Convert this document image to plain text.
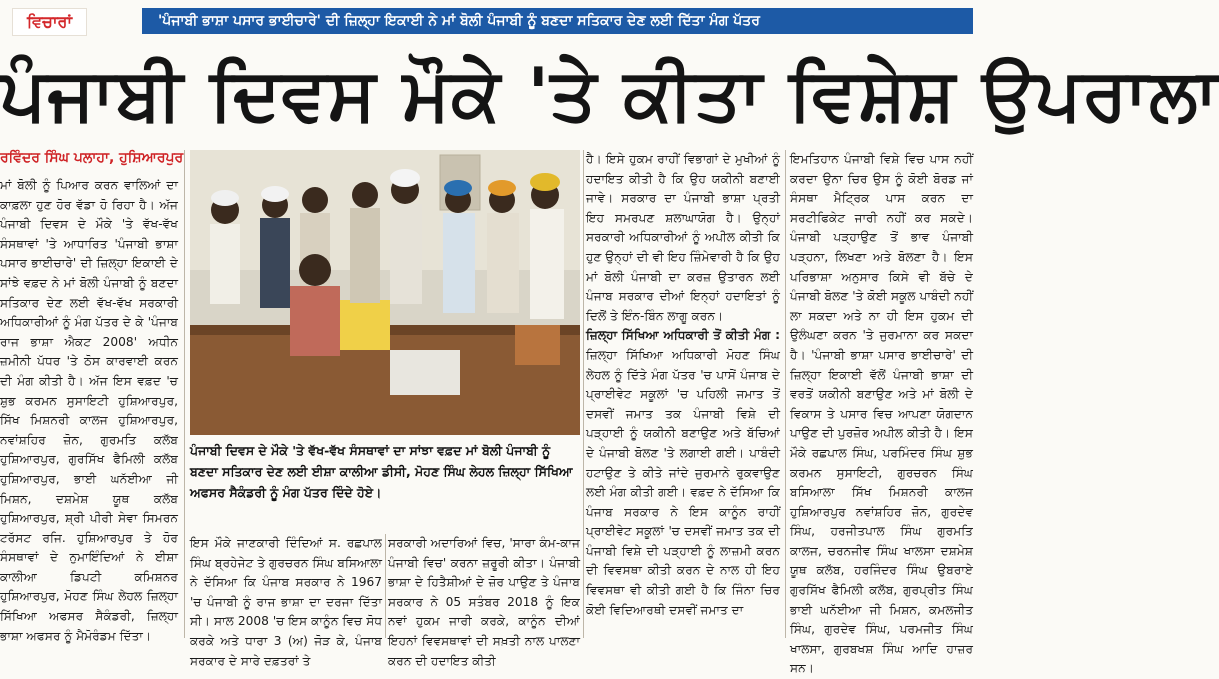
ਵਿਚਾਰਾਂ	'ਪੰਜਾਬੀ ਭਾਸ਼ਾ ਪਸਾਰ ਭਾਈਚਾਰੇ' ਦੀ ਜ਼ਿਲ੍ਹਾ ਇਕਾਈ ਨੇ ਮਾਂ ਬੋਲੀ ਪੰਜਾਬੀ ਨੂੰ ਬਣਦਾ ਸਤਿਕਾਰ ਦੇਣ ਲਈ ਦਿੱਤਾ ਮੰਗ ਪੱਤਰ
ਪੰਜਾਬੀ ਦਿਵਸ ਮੌਕੇ 'ਤੇ ਕੀਤਾ ਵਿਸ਼ੇਸ਼ ਉਪਰਾਲਾ
ਰਵਿੰਦਰ ਸਿੰਘ ਪਲਾਹਾ, ਹੁਸ਼ਿਆਰਪੁਰ

ਮਾਂ ਬੋਲੀ ਨੂੰ ਪਿਆਰ ਕਰਨ ਵਾਲਿਆਂ ਦਾ ਕਾਫ਼ਲਾ ਹੁਣ ਹੋਰ ਵੱਡਾ ਹੋ ਰਿਹਾ ਹੈ। ਅੱਜ ਪੰਜਾਬੀ ਦਿਵਸ ਦੇ ਮੌਕੇ 'ਤੇ ਵੱਖ-ਵੱਖ ਸੰਸਥਾਵਾਂ 'ਤੇ ਆਧਾਰਿਤ 'ਪੰਜਾਬੀ ਭਾਸ਼ਾ ਪਸਾਰ ਭਾਈਚਾਰੇ' ਦੀ ਜ਼ਿਲ੍ਹਾ ਇਕਾਈ ਦੇ ਸਾਂਝੇ ਵਫ਼ਦ ਨੇ ਮਾਂ ਬੋਲੀ ਪੰਜਾਬੀ ਨੂੰ ਬਣਦਾ ਸਤਿਕਾਰ ਦੇਣ ਲਈ ਵੱਖ-ਵੱਖ ਸਰਕਾਰੀ ਅਧਿਕਾਰੀਆਂ ਨੂੰ ਮੰਗ ਪੱਤਰ ਦੇ ਕੇ 'ਪੰਜਾਬ ਰਾਜ ਭਾਸ਼ਾ ਐਕਟ 2008' ਅਧੀਨ ਜ਼ਮੀਨੀ ਪੱਧਰ 'ਤੇ ਠੋਸ ਕਾਰਵਾਈ ਕਰਨ ਦੀ ਮੰਗ ਕੀਤੀ ਹੈ। ਅੱਜ ਇਸ ਵਫ਼ਦ 'ਚ ਸ਼ੁਭ ਕਰਮਨ ਸੁਸਾਇਟੀ ਹੁਸ਼ਿਆਰਪੁਰ, ਸਿੱਖ ਮਿਸ਼ਨਰੀ ਕਾਲਜ ਹੁਸ਼ਿਆਰਪੁਰ, ਨਵਾਂਸ਼ਹਿਰ ਜ਼ੋਨ, ਗੁਰਮਤਿ ਕਲੱਬ ਹੁਸ਼ਿਆਰਪੁਰ, ਗੁਰਸਿੱਖ ਫੈਮਿਲੀ ਕਲੱਬ ਹੁਸ਼ਿਆਰਪੁਰ, ਭਾਈ ਘਨੱਈਆ ਜੀ ਮਿਸ਼ਨ, ਦਸ਼ਮੇਸ਼ ਯੂਥ ਕਲੱਬ ਹੁਸ਼ਿਆਰਪੁਰ, ਸ਼੍ਰੀ ਪੀਰੀ ਸੇਵਾ ਸਿਮਰਨ ਟਰੱਸਟ ਰਜਿ. ਹੁਸ਼ਿਆਰਪੁਰ ਤੇ ਹੋਰ ਸੰਸਥਾਵਾਂ ਦੇ ਨੁਮਾਇੰਦਿਆਂ ਨੇ ਈਸ਼ਾ ਕਾਲੀਆ ਡਿਪਟੀ ਕਮਿਸ਼ਨਰ ਹੁਸ਼ਿਆਰਪੁਰ, ਮੋਹਣ ਸਿੰਘ ਲੇਹਲ ਜ਼ਿਲ੍ਹਾ ਸਿੱਖਿਆ ਅਫਸਰ ਸੈਕੰਡਰੀ, ਜ਼ਿਲ੍ਹਾ ਭਾਸ਼ਾ ਅਫਸਰ ਨੂੰ ਮੈਮੋਰੰਡਮ ਦਿੱਤਾ।

ਪੰਜਾਬੀ ਦਿਵਸ ਦੇ ਮੌਕੇ 'ਤੇ ਵੱਖ-ਵੱਖ ਸੰਸਥਾਵਾਂ ਦਾ ਸਾਂਝਾ ਵਫ਼ਦ ਮਾਂ ਬੋਲੀ ਪੰਜਾਬੀ ਨੂੰ ਬਣਦਾ ਸਤਿਕਾਰ ਦੇਣ ਲਈ ਈਸ਼ਾ ਕਾਲੀਆ ਡੀਸੀ, ਮੋਹਣ ਸਿੰਘ ਲੇਹਲ ਜ਼ਿਲ੍ਹਾ ਸਿੱਖਿਆ ਅਫਸਰ ਸੈਕੰਡਰੀ ਨੂੰ ਮੰਗ ਪੱਤਰ ਦਿੰਦੇ ਹੋਏ।

ਇਸ ਮੌਕੇ ਜਾਣਕਾਰੀ ਦਿੰਦਿਆਂ ਸ. ਰਛਪਾਲ ਸਿੰਘ ਬ੍ਰਹੇਜੇਟ ਤੇ ਗੁਰਚਰਨ ਸਿੰਘ ਬਸਿਆਲਾ ਨੇ ਦੱਸਿਆ ਕਿ ਪੰਜਾਬ ਸਰਕਾਰ ਨੇ 1967 'ਚ ਪੰਜਾਬੀ ਨੂੰ ਰਾਜ ਭਾਸ਼ਾ ਦਾ ਦਰਜਾ ਦਿੱਤਾ ਸੀ। ਸਾਲ 2008 'ਚ ਇਸ ਕਾਨੂੰਨ ਵਿਚ ਸੋਧ ਕਰਕੇ ਅਤੇ ਧਾਰਾ 3 (ਅ) ਜੋੜ ਕੇ, ਪੰਜਾਬ ਸਰਕਾਰ ਦੇ ਸਾਰੇ ਦਫ਼ਤਰਾਂ ਤੇ

ਸਰਕਾਰੀ ਅਦਾਰਿਆਂ ਵਿਚ, 'ਸਾਰਾ ਕੰਮ-ਕਾਜ ਪੰਜਾਬੀ ਵਿਚ' ਕਰਨਾ ਜ਼ਰੂਰੀ ਕੀਤਾ। ਪੰਜਾਬੀ ਭਾਸ਼ਾ ਦੇ ਹਿਤੈਸ਼ੀਆਂ ਦੇ ਜ਼ੋਰ ਪਾਉਣ ਤੇ ਪੰਜਾਬ ਸਰਕਾਰ ਨੇ 05 ਸਤੰਬਰ 2018 ਨੂੰ ਇਕ ਨਵਾਂ ਹੁਕਮ ਜਾਰੀ ਕਰਕੇ, ਕਾਨੂੰਨ ਦੀਆਂ ਇਹਨਾਂ ਵਿਵਸਥਾਵਾਂ ਦੀ ਸਖ਼ਤੀ ਨਾਲ ਪਾਲਣਾ ਕਰਨ ਦੀ ਹਦਾਇਤ ਕੀਤੀ

ਹੈ। ਇਸੇ ਹੁਕਮ ਰਾਹੀਂ ਵਿਭਾਗਾਂ ਦੇ ਮੁਖੀਆਂ ਨੂੰ ਹਦਾਇਤ ਕੀਤੀ ਹੈ ਕਿ ਉਹ ਯਕੀਨੀ ਬਣਾਈ ਜਾਵੇ। ਸਰਕਾਰ ਦਾ ਪੰਜਾਬੀ ਭਾਸ਼ਾ ਪ੍ਰਤੀ ਇਹ ਸਮਰਪਣ ਸ਼ਲਾਘਾਯੋਗ ਹੈ। ਉਨ੍ਹਾਂ ਸਰਕਾਰੀ ਅਧਿਕਾਰੀਆਂ ਨੂੰ ਅਪੀਲ ਕੀਤੀ ਕਿ ਹੁਣ ਉਨ੍ਹਾਂ ਦੀ ਵੀ ਇਹ ਜ਼ਿੰਮੇਵਾਰੀ ਹੈ ਕਿ ਉਹ ਮਾਂ ਬੋਲੀ ਪੰਜਾਬੀ ਦਾ ਕਰਜ਼ ਉਤਾਰਨ ਲਈ ਪੰਜਾਬ ਸਰਕਾਰ ਦੀਆਂ ਇਨ੍ਹਾਂ ਹਦਾਇਤਾਂ ਨੂੰ ਦਿਲੋਂ ਤੇ ਇੰਨ-ਬਿੰਨ ਲਾਗੂ ਕਰਨ।

ਜ਼ਿਲ੍ਹਾ ਸਿੱਖਿਆ ਅਧਿਕਾਰੀ ਤੋਂ ਕੀਤੀ ਮੰਗ : ਜ਼ਿਲ੍ਹਾ ਸਿੱਖਿਆ ਅਧਿਕਾਰੀ ਮੋਹਣ ਸਿੰਘ ਲੇਹਲ ਨੂੰ ਦਿੱਤੇ ਮੰਗ ਪੱਤਰ 'ਚ ਪਾਸੋਂ ਪੰਜਾਬ ਦੇ ਪ੍ਰਾਈਵੇਟ ਸਕੂਲਾਂ 'ਚ ਪਹਿਲੀ ਜਮਾਤ ਤੋਂ ਦਸਵੀਂ ਜਮਾਤ ਤਕ ਪੰਜਾਬੀ ਵਿਸ਼ੇ ਦੀ ਪੜ੍ਹਾਈ ਨੂੰ ਯਕੀਨੀ ਬਣਾਉਣ ਅਤੇ ਬੱਚਿਆਂ ਦੇ ਪੰਜਾਬੀ ਬੋਲਣ 'ਤੇ ਲਗਾਈ ਗਈ। ਪਾਬੰਦੀ ਹਟਾਉਣ ਤੇ ਕੀਤੇ ਜਾਂਦੇ ਜੁਰਮਾਨੇ ਰੁਕਵਾਉਣ ਲਈ ਮੰਗ ਕੀਤੀ ਗਈ। ਵਫ਼ਦ ਨੇ ਦੱਸਿਆ ਕਿ ਪੰਜਾਬ ਸਰਕਾਰ ਨੇ ਇਸ ਕਾਨੂੰਨ ਰਾਹੀਂ ਪ੍ਰਾਈਵੇਟ ਸਕੂਲਾਂ 'ਚ ਦਸਵੀਂ ਜਮਾਤ ਤਕ ਦੀ ਪੰਜਾਬੀ ਵਿਸ਼ੇ ਦੀ ਪੜ੍ਹਾਈ ਨੂੰ ਲਾਜ਼ਮੀ ਕਰਨ ਦੀ ਵਿਵਸਥਾ ਕੀਤੀ ਕਰਨ ਦੇ ਨਾਲ ਹੀ ਇਹ ਵਿਵਸਥਾ ਵੀ ਕੀਤੀ ਗਈ ਹੈ ਕਿ ਜਿੰਨਾ ਚਿਰ ਕੋਈ ਵਿਦਿਆਰਥੀ ਦਸਵੀਂ ਜਮਾਤ ਦਾ

ਇਮਤਿਹਾਨ ਪੰਜਾਬੀ ਵਿਸ਼ੇ ਵਿਚ ਪਾਸ ਨਹੀਂ ਕਰਦਾ ਉਨਾ ਚਿਰ ਉਸ ਨੂੰ ਕੋਈ ਬੋਰਡ ਜਾਂ ਸੰਸਥਾ ਮੈਟ੍ਰਿਕ ਪਾਸ ਕਰਨ ਦਾ ਸਰਟੀਫਿਕੇਟ ਜਾਰੀ ਨਹੀਂ ਕਰ ਸਕਦੇ। ਪੰਜਾਬੀ ਪੜ੍ਹਾਉਣ ਤੋਂ ਭਾਵ ਪੰਜਾਬੀ ਪੜ੍ਹਨਾ, ਲਿਖਣਾ ਅਤੇ ਬੋਲਣਾ ਹੈ। ਇਸ ਪਰਿਭਾਸ਼ਾ ਅਨੁਸਾਰ ਕਿਸੇ ਵੀ ਬੱਚੇ ਦੇ ਪੰਜਾਬੀ ਬੋਲਣ 'ਤੇ ਕੋਈ ਸਕੂਲ ਪਾਬੰਦੀ ਨਹੀਂ ਲਾ ਸਕਦਾ ਅਤੇ ਨਾ ਹੀ ਇਸ ਹੁਕਮ ਦੀ ਉਲੰਘਣਾ ਕਰਨ 'ਤੇ ਜੁਰਮਾਨਾ ਕਰ ਸਕਦਾ ਹੈ। 'ਪੰਜਾਬੀ ਭਾਸ਼ਾ ਪਸਾਰ ਭਾਈਚਾਰੇ' ਦੀ ਜ਼ਿਲ੍ਹਾ ਇਕਾਈ ਵੱਲੋਂ ਪੰਜਾਬੀ ਭਾਸ਼ਾ ਦੀ ਵਰਤੋਂ ਯਕੀਨੀ ਬਣਾਉਣ ਅਤੇ ਮਾਂ ਬੋਲੀ ਦੇ ਵਿਕਾਸ ਤੇ ਪਸਾਰ ਵਿਚ ਆਪਣਾ ਯੋਗਦਾਨ ਪਾਉਣ ਦੀ ਪੁਰਜ਼ੋਰ ਅਪੀਲ ਕੀਤੀ ਹੈ। ਇਸ ਮੌਕੇ ਰਛਪਾਲ ਸਿੰਘ, ਪਰਮਿੰਦਰ ਸਿੰਘ ਸ਼ੁਭ ਕਰਮਨ ਸੁਸਾਇਟੀ, ਗੁਰਚਰਨ ਸਿੰਘ ਬਸਿਆਲਾ ਸਿੱਖ ਮਿਸ਼ਨਰੀ ਕਾਲਜ ਹੁਸ਼ਿਆਰਪੁਰ ਨਵਾਂਸ਼ਹਿਰ ਜ਼ੋਨ, ਗੁਰਦੇਵ ਸਿੰਘ, ਹਰਜੀਤਪਾਲ ਸਿੰਘ ਗੁਰਮਤਿ ਕਾਲਜ, ਚਰਨਜੀਵ ਸਿੰਘ ਖਾਲਸਾ ਦਸ਼ਮੇਸ਼ ਯੂਥ ਕਲੱਬ, ਹਰਜਿੰਦਰ ਸਿੰਘ ਉਬਰਾਏ ਗੁਰਸਿੱਖ ਫੈਮਿਲੀ ਕਲੱਬ, ਗੁਰਪ੍ਰੀਤ ਸਿੰਘ ਭਾਈ ਘਨੱਈਆ ਜੀ ਮਿਸ਼ਨ, ਕਮਲਜੀਤ ਸਿੰਘ, ਗੁਰਦੇਵ ਸਿੰਘ, ਪਰਮਜੀਤ ਸਿੰਘ ਖਾਲਸਾ, ਗੁਰਬਖਸ਼ ਸਿੰਘ ਆਦਿ ਹਾਜ਼ਰ ਸਨ।
